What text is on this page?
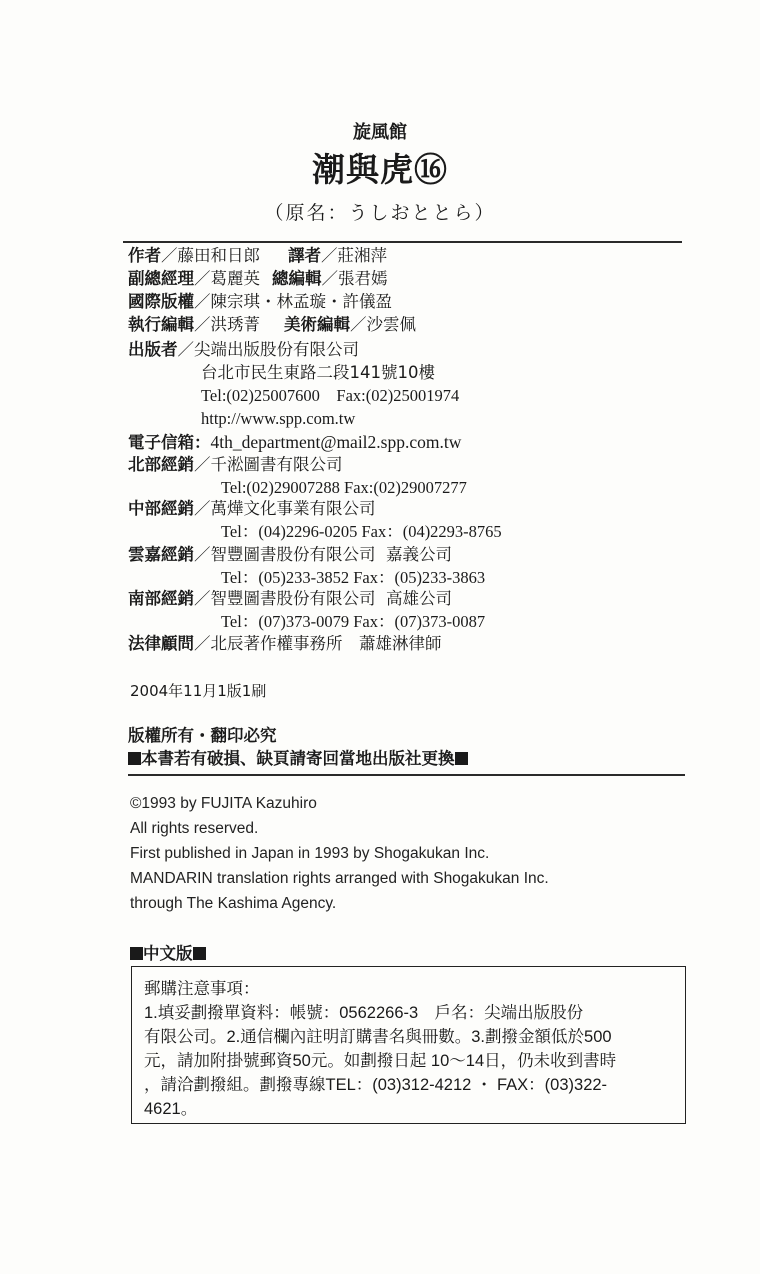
旋風館
潮與虎⑯
（原名：うしおととら）
作者／藤田和日郎 譯者／莊湘萍
副總經理／葛麗英 總編輯／張君嫣
國際版權／陳宗琪・林孟璇・許儀盈
執行編輯／洪琇菁 美術編輯／沙雲佩
出版者／尖端出版股份有限公司
台北市民生東路二段141號10樓
Tel:(02)25007600　Fax:(02)25001974
http://www.spp.com.tw
電子信箱：4th_department@mail2.spp.com.tw
北部經銷／千淞圖書有限公司
Tel:(02)29007288 Fax:(02)29007277
中部經銷／萬燁文化事業有限公司
Tel：(04)2296-0205 Fax：(04)2293-8765
雲嘉經銷／智豐圖書股份有限公司  嘉義公司
Tel：(05)233-3852 Fax：(05)233-3863
南部經銷／智豐圖書股份有限公司  高雄公司
Tel：(07)373-0079 Fax：(07)373-0087
法律顧問／北辰著作權事務所　蕭雄淋律師
2004年11月1版1刷
版權所有・翻印必究
本書若有破損、缺頁請寄回當地出版社更換
©1993 by FUJITA Kazuhiro
All rights reserved.
First published in Japan in 1993 by Shogakukan Inc.
MANDARIN translation rights arranged with Shogakukan Inc.
through The Kashima Agency.
中文版
郵購注意事項：
1.填妥劃撥單資料：帳號：0562266-3　戶名：尖端出版股份
有限公司。2.通信欄內註明訂購書名與冊數。3.劃撥金額低於500
元，請加附掛號郵資50元。如劃撥日起 10～14日，仍未收到書時
，請洽劃撥組。劃撥專線TEL：(03)312-4212 ・ FAX：(03)322-
4621。
